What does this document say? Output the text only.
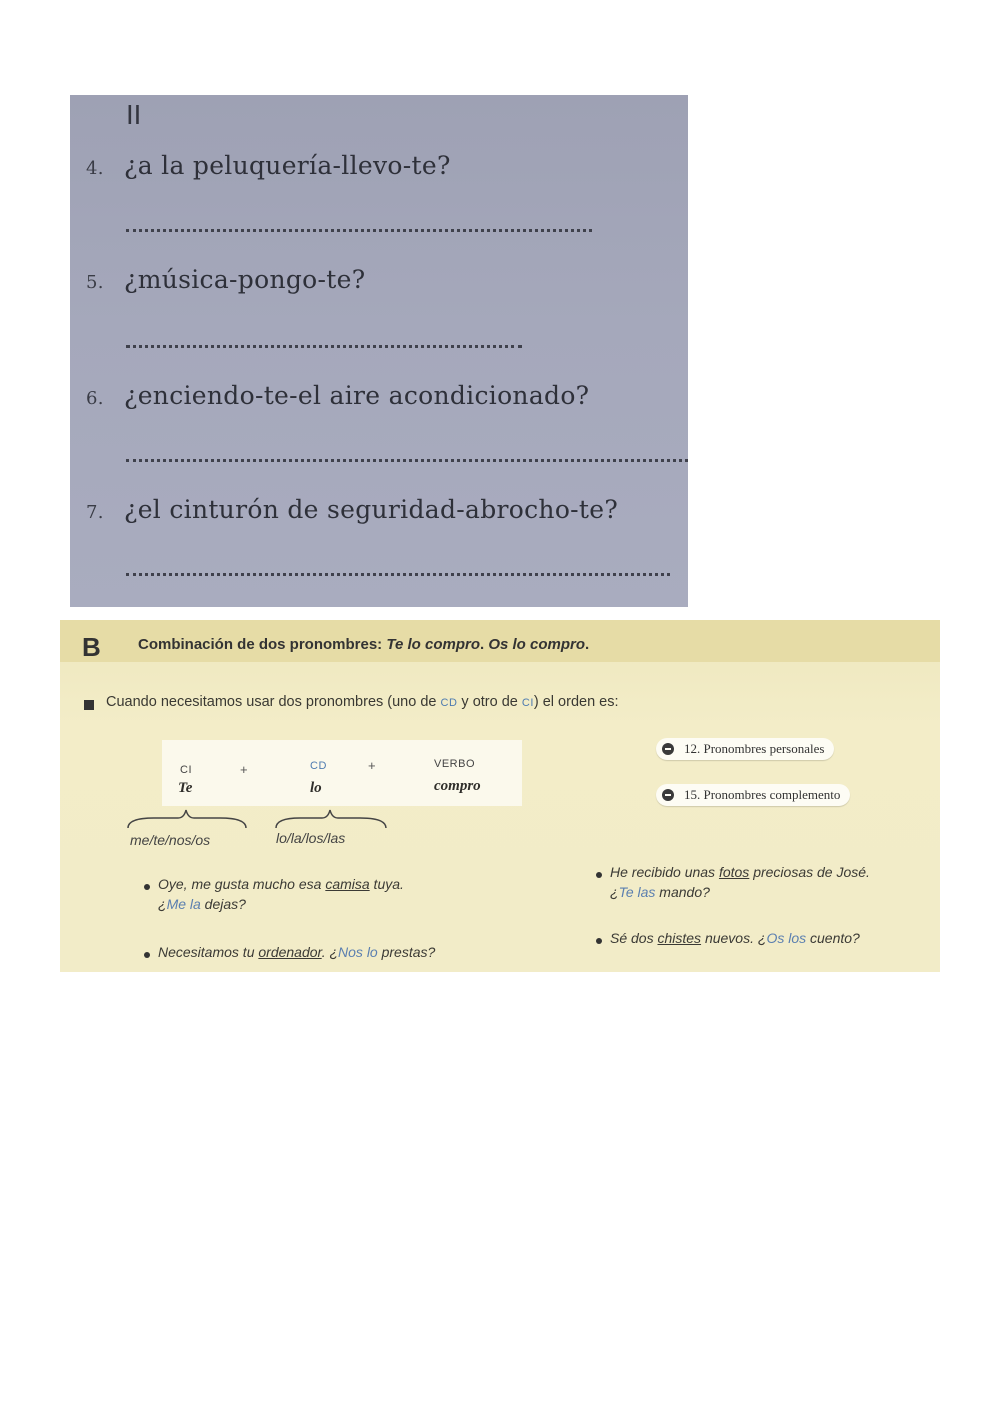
II
4. ¿a la peluquería-llevo-te?
5. ¿música-pongo-te?
6. ¿enciendo-te-el aire acondicionado?
7. ¿el cinturón de seguridad-abrocho-te?
B Combinación de dos pronombres: Te lo compro. Os lo compro.
Cuando necesitamos usar dos pronombres (uno de CD y otro de CI) el orden es:
CI
Te
+	CD
lo
+	VERBO
compro
me/te/nos/os	lo/la/los/las
12. Pronombres personales
15. Pronombres complemento
Oye, me gusta mucho esa camisa tuya.
¿Me la dejas?
Necesitamos tu ordenador. ¿Nos lo prestas?
He recibido unas fotos preciosas de José.
¿Te las mando?
Sé dos chistes nuevos. ¿Os los cuento?
